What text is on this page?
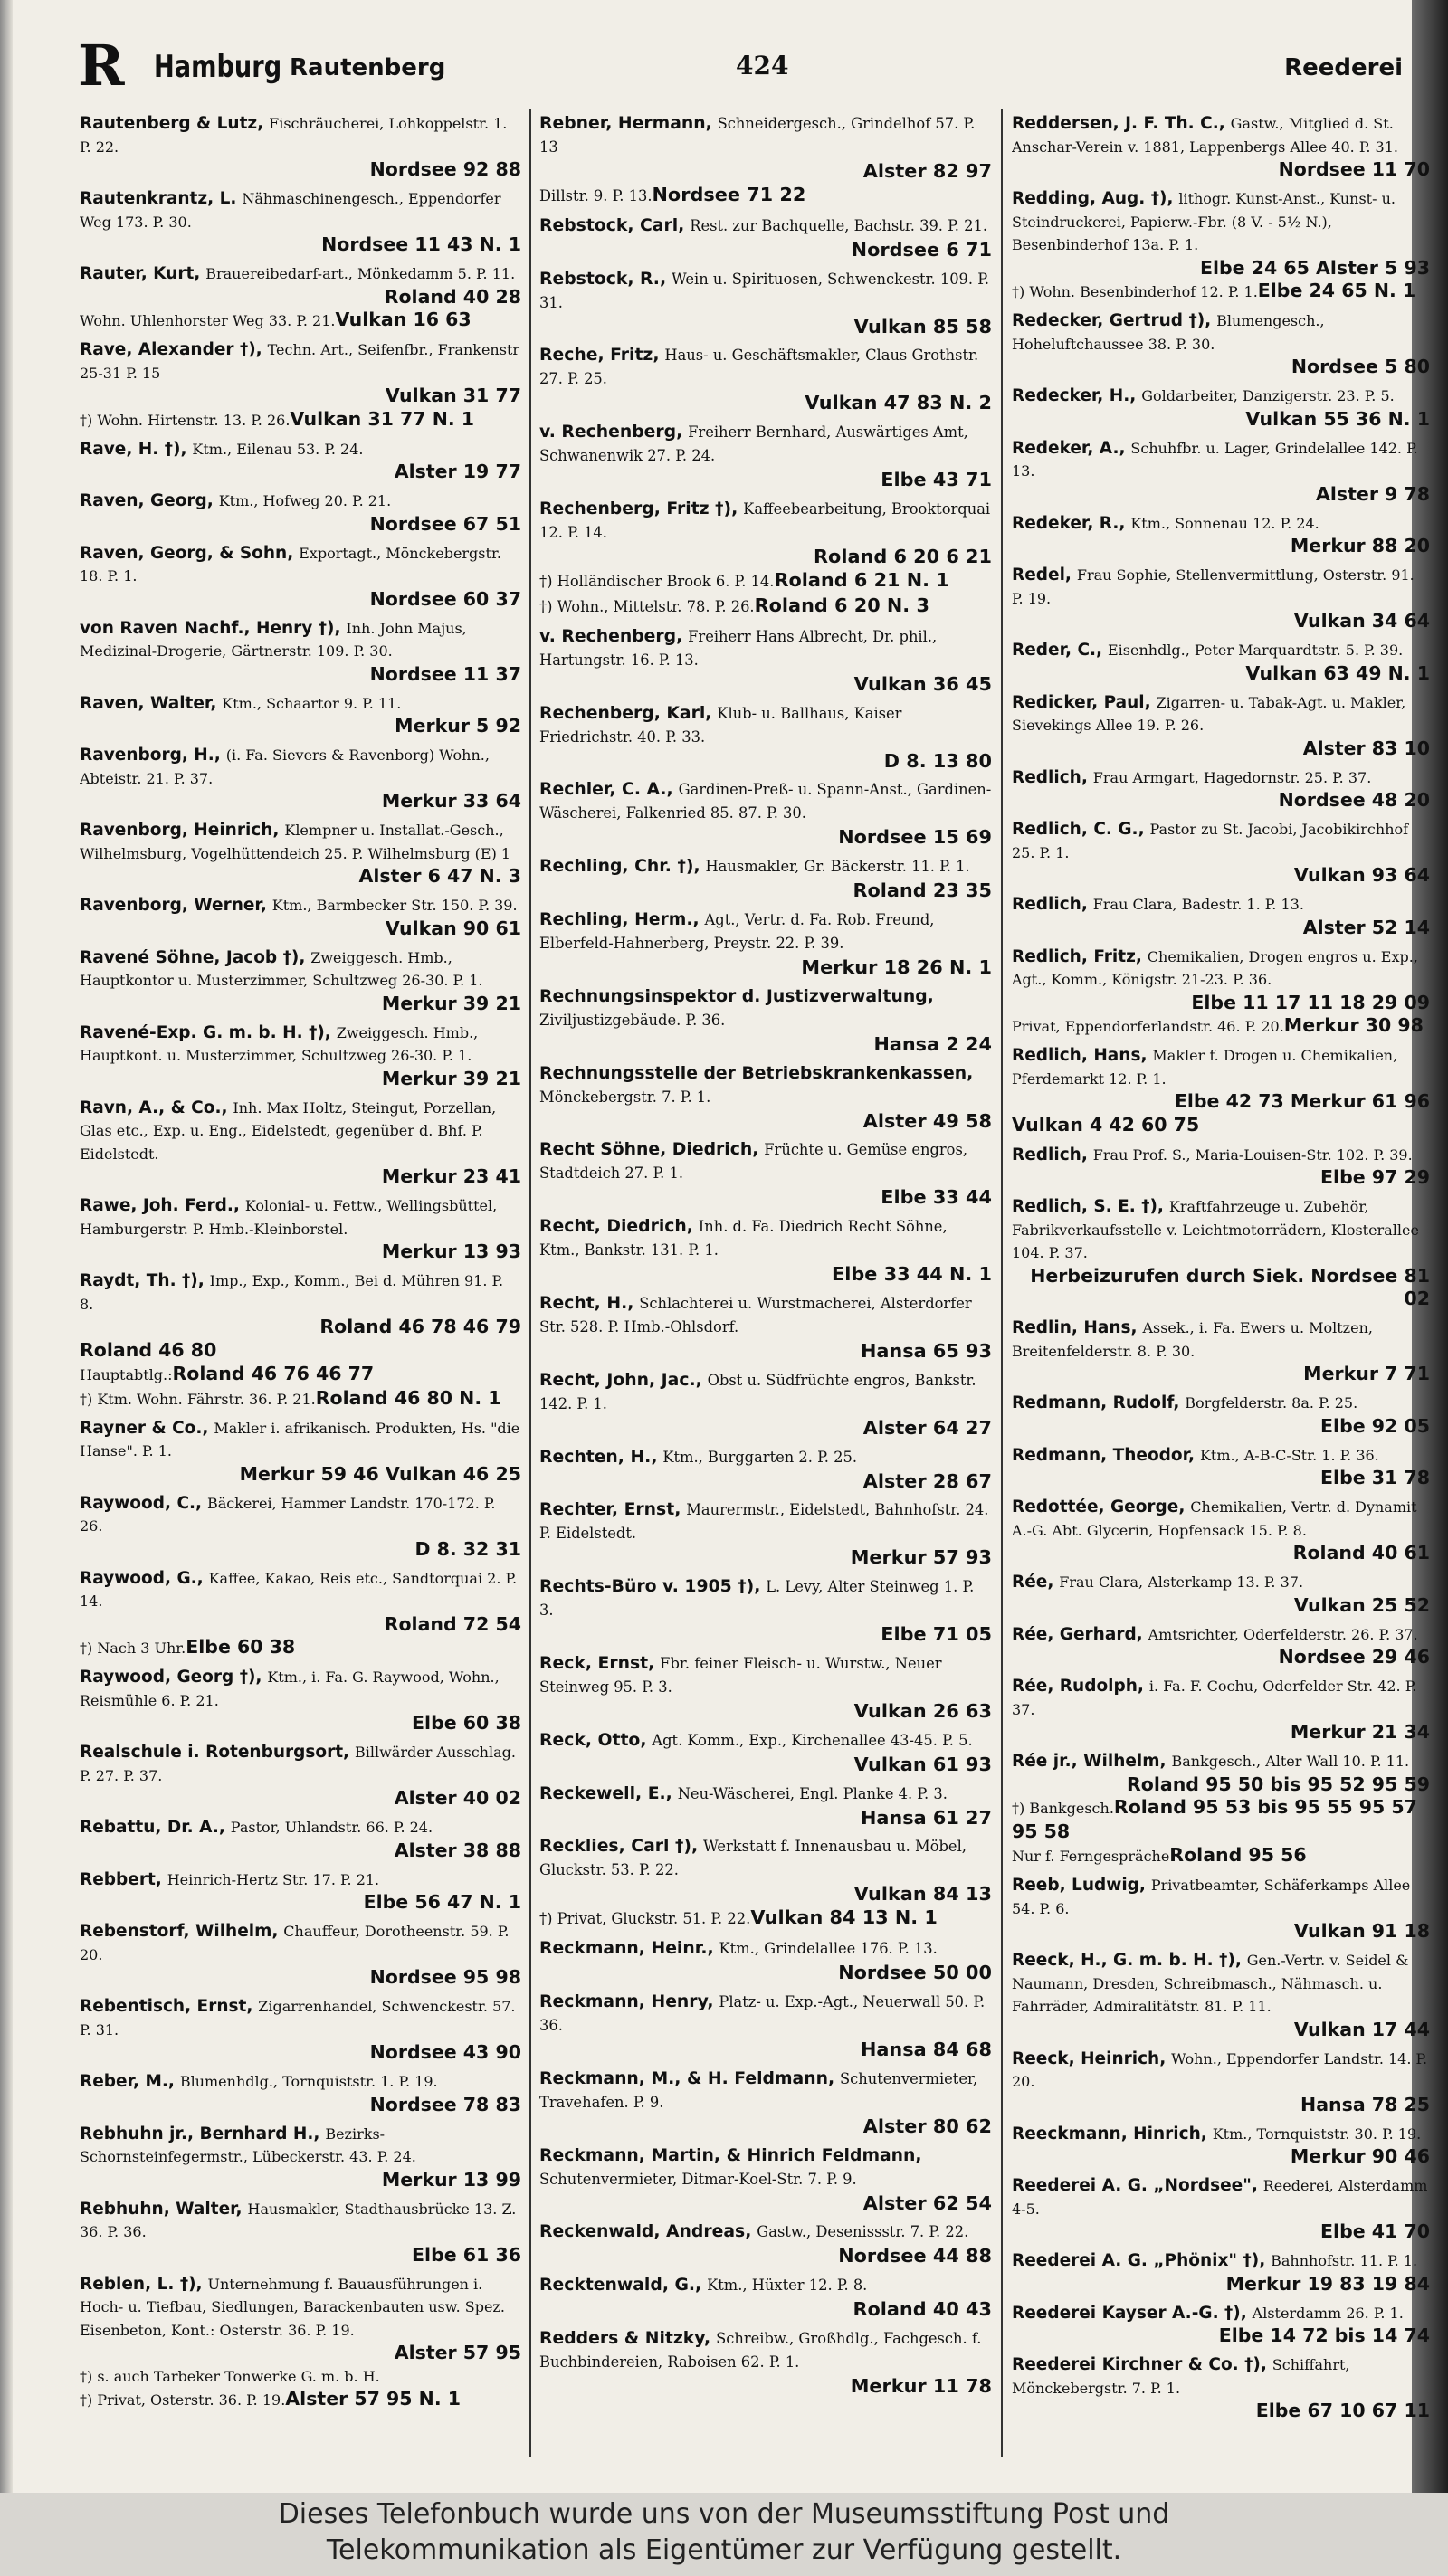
R Hamburg Rautenberg	424	Reederei
Rautenberg & Lutz, Fischräucherei, Lohkoppelstr. 1. P. 22.
Nordsee 92 88
Rautenkrantz, L. Nähmaschinengesch., Eppendorfer Weg 173. P. 30.
Nordsee 11 43 N. 1
Rauter, Kurt, Brauereibedarf-art., Mönkedamm 5. P. 11.
Roland 40 28
Wohn. Uhlenhorster Weg 33. P. 21.Vulkan 16 63
Rave, Alexander †), Techn. Art., Seifenfbr., Frankenstr 25-31 P. 15
Vulkan 31 77
†) Wohn. Hirtenstr. 13. P. 26.Vulkan 31 77 N. 1
Rave, H. †), Ktm., Eilenau 53. P. 24.
Alster 19 77
Raven, Georg, Ktm., Hofweg 20. P. 21.
Nordsee 67 51
Raven, Georg, & Sohn, Exportagt., Mönckebergstr. 18. P. 1.
Nordsee 60 37
von Raven Nachf., Henry †), Inh. John Majus, Medizinal-Drogerie, Gärtnerstr. 109. P. 30.
Nordsee 11 37
Raven, Walter, Ktm., Schaartor 9. P. 11.
Merkur 5 92
Ravenborg, H., (i. Fa. Sievers & Ravenborg) Wohn., Abteistr. 21. P. 37.
Merkur 33 64
Ravenborg, Heinrich, Klempner u. Installat.-Gesch., Wilhelmsburg, Vogelhüttendeich 25. P. Wilhelmsburg (E) 1
Alster 6 47 N. 3
Ravenborg, Werner, Ktm., Barmbecker Str. 150. P. 39.
Vulkan 90 61
Ravené Söhne, Jacob †), Zweiggesch. Hmb., Hauptkontor u. Musterzimmer, Schultzweg 26-30. P. 1.
Merkur 39 21
Ravené-Exp. G. m. b. H. †), Zweiggesch. Hmb., Hauptkont. u. Musterzimmer, Schultzweg 26-30. P. 1.
Merkur 39 21
Ravn, A., & Co., Inh. Max Holtz, Steingut, Porzellan, Glas etc., Exp. u. Eng., Eidelstedt, gegenüber d. Bhf. P. Eidelstedt.
Merkur 23 41
Rawe, Joh. Ferd., Kolonial- u. Fettw., Wellingsbüttel, Hamburgerstr. P. Hmb.-Kleinborstel.
Merkur 13 93
Raydt, Th. †), Imp., Exp., Komm., Bei d. Mühren 91. P. 8.
Roland 46 78 46 79
Roland 46 80
Hauptabtlg.:Roland 46 76 46 77
†) Ktm. Wohn. Fährstr. 36. P. 21.Roland 46 80 N. 1
Rayner & Co., Makler i. afrikanisch. Produkten, Hs. "die Hanse". P. 1.
Merkur 59 46 Vulkan 46 25
Raywood, C., Bäckerei, Hammer Landstr. 170-172. P. 26.
D 8. 32 31
Raywood, G., Kaffee, Kakao, Reis etc., Sandtorquai 2. P. 14.
Roland 72 54
†) Nach 3 Uhr.Elbe 60 38
Raywood, Georg †), Ktm., i. Fa. G. Raywood, Wohn., Reismühle 6. P. 21.
Elbe 60 38
Realschule i. Rotenburgsort, Billwärder Ausschlag. P. 27. P. 37.
Alster 40 02
Rebattu, Dr. A., Pastor, Uhlandstr. 66. P. 24.
Alster 38 88
Rebbert, Heinrich-Hertz Str. 17. P. 21.
Elbe 56 47 N. 1
Rebenstorf, Wilhelm, Chauffeur, Dorotheenstr. 59. P. 20.
Nordsee 95 98
Rebentisch, Ernst, Zigarrenhandel, Schwenckestr. 57. P. 31.
Nordsee 43 90
Reber, M., Blumenhdlg., Tornquiststr. 1. P. 19.
Nordsee 78 83
Rebhuhn jr., Bernhard H., Bezirks-Schornsteinfegermstr., Lübeckerstr. 43. P. 24.
Merkur 13 99
Rebhuhn, Walter, Hausmakler, Stadthausbrücke 13. Z. 36. P. 36.
Elbe 61 36
Reblen, L. †), Unternehmung f. Bauausführungen i. Hoch- u. Tiefbau, Siedlungen, Barackenbauten usw. Spez. Eisenbeton, Kont.: Osterstr. 36. P. 19.
Alster 57 95
†) s. auch Tarbeker Tonwerke G. m. b. H.
†) Privat, Osterstr. 36. P. 19.Alster 57 95 N. 1
Rebner, Hermann, Schneidergesch., Grindelhof 57. P. 13
Alster 82 97
Dillstr. 9. P. 13.Nordsee 71 22
Rebstock, Carl, Rest. zur Bachquelle, Bachstr. 39. P. 21.
Nordsee 6 71
Rebstock, R., Wein u. Spirituosen, Schwenckestr. 109. P. 31.
Vulkan 85 58
Reche, Fritz, Haus- u. Geschäftsmakler, Claus Grothstr. 27. P. 25.
Vulkan 47 83 N. 2
v. Rechenberg, Freiherr Bernhard, Auswärtiges Amt, Schwanenwik 27. P. 24.
Elbe 43 71
Rechenberg, Fritz †), Kaffeebearbeitung, Brooktorquai 12. P. 14.
Roland 6 20 6 21
†) Holländischer Brook 6. P. 14.Roland 6 21 N. 1
†) Wohn., Mittelstr. 78. P. 26.Roland 6 20 N. 3
v. Rechenberg, Freiherr Hans Albrecht, Dr. phil., Hartungstr. 16. P. 13.
Vulkan 36 45
Rechenberg, Karl, Klub- u. Ballhaus, Kaiser Friedrichstr. 40. P. 33.
D 8. 13 80
Rechler, C. A., Gardinen-Preß- u. Spann-Anst., Gardinen-Wäscherei, Falkenried 85. 87. P. 30.
Nordsee 15 69
Rechling, Chr. †), Hausmakler, Gr. Bäckerstr. 11. P. 1.
Roland 23 35
Rechling, Herm., Agt., Vertr. d. Fa. Rob. Freund, Elberfeld-Hahnerberg, Preystr. 22. P. 39.
Merkur 18 26 N. 1
Rechnungsinspektor d. Justizverwaltung, Ziviljustizgebäude. P. 36.
Hansa 2 24
Rechnungsstelle der Betriebskrankenkassen, Mönckebergstr. 7. P. 1.
Alster 49 58
Recht Söhne, Diedrich, Früchte u. Gemüse engros, Stadtdeich 27. P. 1.
Elbe 33 44
Recht, Diedrich, Inh. d. Fa. Diedrich Recht Söhne, Ktm., Bankstr. 131. P. 1.
Elbe 33 44 N. 1
Recht, H., Schlachterei u. Wurstmacherei, Alsterdorfer Str. 528. P. Hmb.-Ohlsdorf.
Hansa 65 93
Recht, John, Jac., Obst u. Südfrüchte engros, Bankstr. 142. P. 1.
Alster 64 27
Rechten, H., Ktm., Burggarten 2. P. 25.
Alster 28 67
Rechter, Ernst, Maurermstr., Eidelstedt, Bahnhofstr. 24. P. Eidelstedt.
Merkur 57 93
Rechts-Büro v. 1905 †), L. Levy, Alter Steinweg 1. P. 3.
Elbe 71 05
Reck, Ernst, Fbr. feiner Fleisch- u. Wurstw., Neuer Steinweg 95. P. 3.
Vulkan 26 63
Reck, Otto, Agt. Komm., Exp., Kirchenallee 43-45. P. 5.
Vulkan 61 93
Reckewell, E., Neu-Wäscherei, Engl. Planke 4. P. 3.
Hansa 61 27
Recklies, Carl †), Werkstatt f. Innenausbau u. Möbel, Gluckstr. 53. P. 22.
Vulkan 84 13
†) Privat, Gluckstr. 51. P. 22.Vulkan 84 13 N. 1
Reckmann, Heinr., Ktm., Grindelallee 176. P. 13.
Nordsee 50 00
Reckmann, Henry, Platz- u. Exp.-Agt., Neuerwall 50. P. 36.
Hansa 84 68
Reckmann, M., & H. Feldmann, Schutenvermieter, Travehafen. P. 9.
Alster 80 62
Reckmann, Martin, & Hinrich Feldmann, Schutenvermieter, Ditmar-Koel-Str. 7. P. 9.
Alster 62 54
Reckenwald, Andreas, Gastw., Desenissstr. 7. P. 22.
Nordsee 44 88
Recktenwald, G., Ktm., Hüxter 12. P. 8.
Roland 40 43
Redders & Nitzky, Schreibw., Großhdlg., Fachgesch. f. Buchbindereien, Raboisen 62. P. 1.
Merkur 11 78
Reddersen, J. F. Th. C., Gastw., Mitglied d. St. Anschar-Verein v. 1881, Lappenbergs Allee 40. P. 31.
Nordsee 11 70
Redding, Aug. †), lithogr. Kunst-Anst., Kunst- u. Steindruckerei, Papierw.-Fbr. (8 V. - 5½ N.), Besenbinderhof 13a. P. 1.
Elbe 24 65 Alster 5 93
†) Wohn. Besenbinderhof 12. P. 1.Elbe 24 65 N. 1
Redecker, Gertrud †), Blumengesch., Hoheluftchaussee 38. P. 30.
Nordsee 5 80
Redecker, H., Goldarbeiter, Danzigerstr. 23. P. 5.
Vulkan 55 36 N. 1
Redeker, A., Schuhfbr. u. Lager, Grindelallee 142. P. 13.
Alster 9 78
Redeker, R., Ktm., Sonnenau 12. P. 24.
Merkur 88 20
Redel, Frau Sophie, Stellenvermittlung, Osterstr. 91. P. 19.
Vulkan 34 64
Reder, C., Eisenhdlg., Peter Marquardtstr. 5. P. 39.
Vulkan 63 49 N. 1
Redicker, Paul, Zigarren- u. Tabak-Agt. u. Makler, Sievekings Allee 19. P. 26.
Alster 83 10
Redlich, Frau Armgart, Hagedornstr. 25. P. 37.
Nordsee 48 20
Redlich, C. G., Pastor zu St. Jacobi, Jacobikirchhof 25. P. 1.
Vulkan 93 64
Redlich, Frau Clara, Badestr. 1. P. 13.
Alster 52 14
Redlich, Fritz, Chemikalien, Drogen engros u. Exp., Agt., Komm., Königstr. 21-23. P. 36.
Elbe 11 17 11 18 29 09
Privat, Eppendorferlandstr. 46. P. 20.Merkur 30 98
Redlich, Hans, Makler f. Drogen u. Chemikalien, Pferdemarkt 12. P. 1.
Elbe 42 73 Merkur 61 96
Vulkan 4 42 60 75
Redlich, Frau Prof. S., Maria-Louisen-Str. 102. P. 39.
Elbe 97 29
Redlich, S. E. †), Kraftfahrzeuge u. Zubehör, Fabrikverkaufsstelle v. Leichtmotorrädern, Klosterallee 104. P. 37.
Herbeizurufen durch Siek. Nordsee 81 02
Redlin, Hans, Assek., i. Fa. Ewers u. Moltzen, Breitenfelderstr. 8. P. 30.
Merkur 7 71
Redmann, Rudolf, Borgfelderstr. 8a. P. 25.
Elbe 92 05
Redmann, Theodor, Ktm., A-B-C-Str. 1. P. 36.
Elbe 31 78
Redottée, George, Chemikalien, Vertr. d. Dynamit A.-G. Abt. Glycerin, Hopfensack 15. P. 8.
Roland 40 61
Rée, Frau Clara, Alsterkamp 13. P. 37.
Vulkan 25 52
Rée, Gerhard, Amtsrichter, Oderfelderstr. 26. P. 37.
Nordsee 29 46
Rée, Rudolph, i. Fa. F. Cochu, Oderfelder Str. 42. P. 37.
Merkur 21 34
Rée jr., Wilhelm, Bankgesch., Alter Wall 10. P. 11.
Roland 95 50 bis 95 52 95 59
†) Bankgesch.Roland 95 53 bis 95 55 95 57 95 58
Nur f. FerngesprächeRoland 95 56
Reeb, Ludwig, Privatbeamter, Schäferkamps Allee 54. P. 6.
Vulkan 91 18
Reeck, H., G. m. b. H. †), Gen.-Vertr. v. Seidel & Naumann, Dresden, Schreibmasch., Nähmasch. u. Fahrräder, Admiralitätstr. 81. P. 11.
Vulkan 17 44
Reeck, Heinrich, Wohn., Eppendorfer Landstr. 14. P. 20.
Hansa 78 25
Reeckmann, Hinrich, Ktm., Tornquiststr. 30. P. 19.
Merkur 90 46
Reederei A. G. „Nordsee", Reederei, Alsterdamm 4-5.
Elbe 41 70
Reederei A. G. „Phönix" †), Bahnhofstr. 11. P. 1.
Merkur 19 83 19 84
Reederei Kayser A.-G. †), Alsterdamm 26. P. 1.
Elbe 14 72 bis 14 74
Reederei Kirchner & Co. †), Schiffahrt, Mönckebergstr. 7. P. 1.
Elbe 67 10 67 11
Dieses Telefonbuch wurde uns von der Museumsstiftung Post und
Telekommunikation als Eigentümer zur Verfügung gestellt.
